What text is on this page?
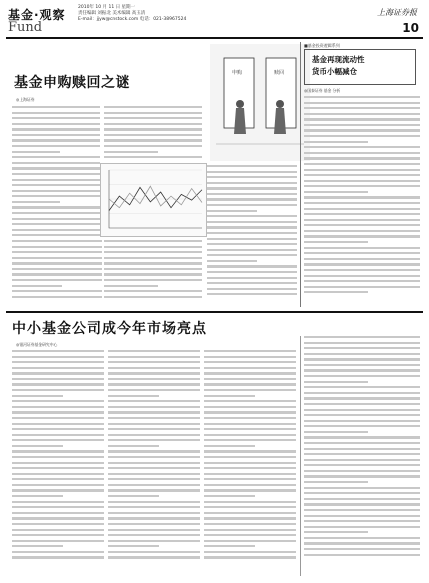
基金·观察
2010年 10 月 11 日 星期一
责任编辑 刘振北 美术编辑 高玉清
E-mail：jjyw@cnstock.com 电话：021-38967524
上海证券报
Fund	10
基金申购赎回之谜
◎上海证券
申购	赎回
■基金投资逻辑系列
基金再现流动性
货币小幅减仓
◎国泰证券 基金 分析
中小基金公司成今年市场亮点
◎银河证券基金研究中心
